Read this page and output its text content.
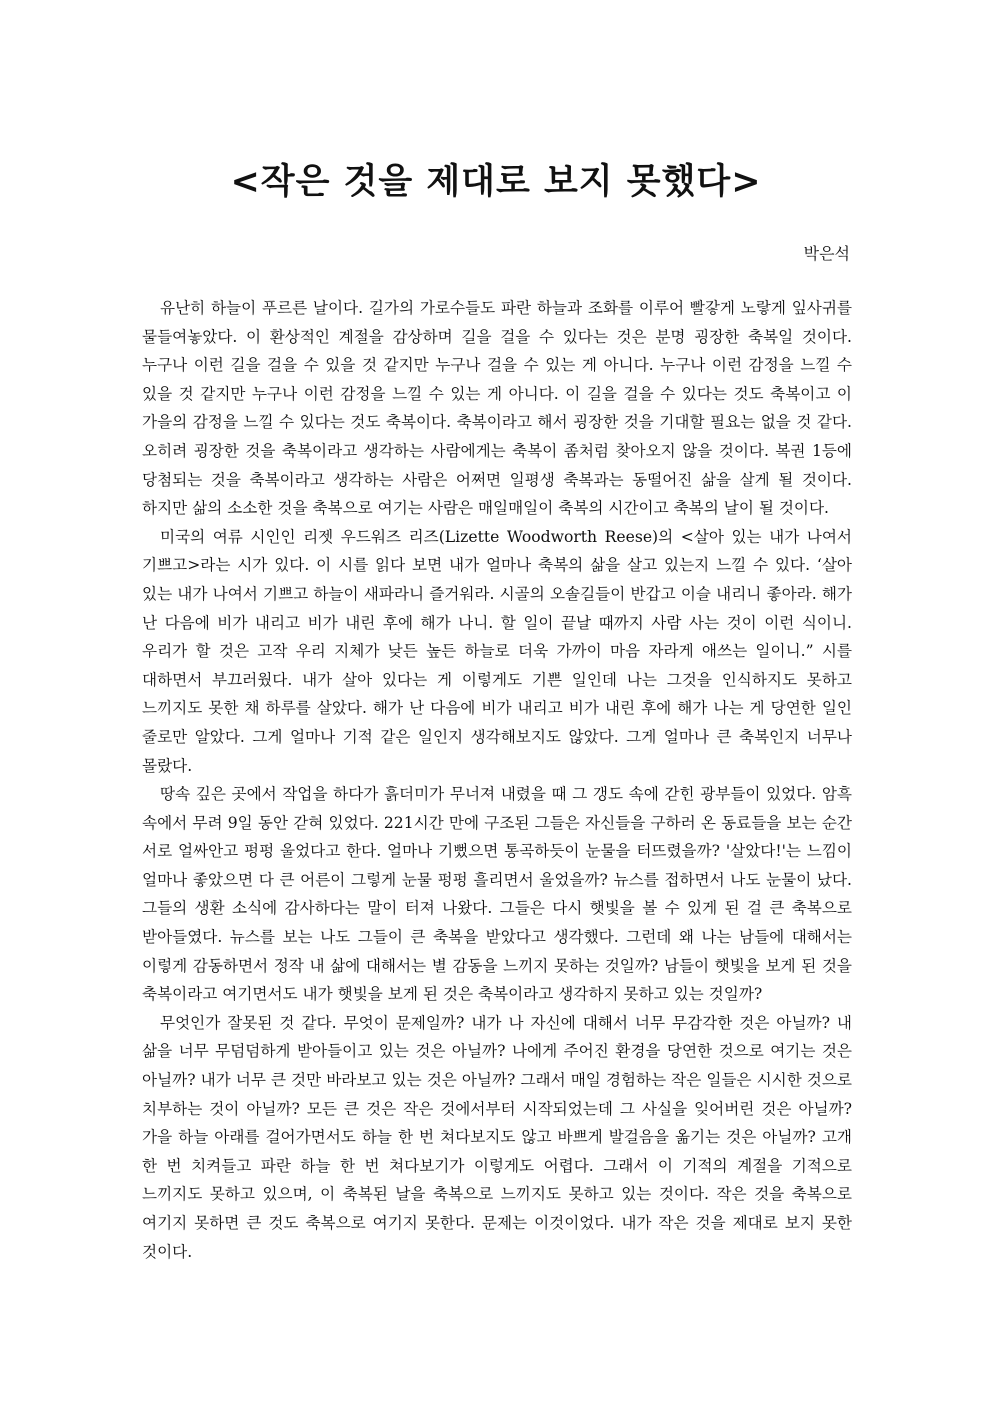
<작은 것을 제대로 보지 못했다>
박은석

유난히 하늘이 푸르른 날이다. 길가의 가로수들도 파란 하늘과 조화를 이루어 빨갛게 노랗게 잎사귀를 물들여놓았다. 이 환상적인 계절을 감상하며 길을 걸을 수 있다는 것은 분명 굉장한 축복일 것이다. 누구나 이런 길을 걸을 수 있을 것 같지만 누구나 걸을 수 있는 게 아니다. 누구나 이런 감정을 느낄 수 있을 것 같지만 누구나 이런 감정을 느낄 수 있는 게 아니다. 이 길을 걸을 수 있다는 것도 축복이고 이 가을의 감정을 느낄 수 있다는 것도 축복이다. 축복이라고 해서 굉장한 것을 기대할 필요는 없을 것 같다. 오히려 굉장한 것을 축복이라고 생각하는 사람에게는 축복이 좀처럼 찾아오지 않을 것이다. 복권 1등에 당첨되는 것을 축복이라고 생각하는 사람은 어쩌면 일평생 축복과는 동떨어진 삶을 살게 될 것이다. 하지만 삶의 소소한 것을 축복으로 여기는 사람은 매일매일이 축복의 시간이고 축복의 날이 될 것이다.

미국의 여류 시인인 리젯 우드워즈 리즈(Lizette Woodworth Reese)의 <살아 있는 내가 나여서 기쁘고>라는 시가 있다. 이 시를 읽다 보면 내가 얼마나 축복의 삶을 살고 있는지 느낄 수 있다. ‘살아 있는 내가 나여서 기쁘고 하늘이 새파라니 즐거워라. 시골의 오솔길들이 반갑고 이슬 내리니 좋아라. 해가 난 다음에 비가 내리고 비가 내린 후에 해가 나니. 할 일이 끝날 때까지 사람 사는 것이 이런 식이니. 우리가 할 것은 고작 우리 지체가 낮든 높든 하늘로 더욱 가까이 마음 자라게 애쓰는 일이니.” 시를 대하면서 부끄러웠다. 내가 살아 있다는 게 이렇게도 기쁜 일인데 나는 그것을 인식하지도 못하고 느끼지도 못한 채 하루를 살았다. 해가 난 다음에 비가 내리고 비가 내린 후에 해가 나는 게 당연한 일인 줄로만 알았다. 그게 얼마나 기적 같은 일인지 생각해보지도 않았다. 그게 얼마나 큰 축복인지 너무나 몰랐다.

땅속 깊은 곳에서 작업을 하다가 흙더미가 무너져 내렸을 때 그 갱도 속에 갇힌 광부들이 있었다. 암흑 속에서 무려 9일 동안 갇혀 있었다. 221시간 만에 구조된 그들은 자신들을 구하러 온 동료들을 보는 순간 서로 얼싸안고 펑펑 울었다고 한다. 얼마나 기뻤으면 통곡하듯이 눈물을 터뜨렸을까? '살았다!'는 느낌이 얼마나 좋았으면 다 큰 어른이 그렇게 눈물 펑펑 흘리면서 울었을까? 뉴스를 접하면서 나도 눈물이 났다. 그들의 생환 소식에 감사하다는 말이 터져 나왔다. 그들은 다시 햇빛을 볼 수 있게 된 걸 큰 축복으로 받아들였다. 뉴스를 보는 나도 그들이 큰 축복을 받았다고 생각했다. 그런데 왜 나는 남들에 대해서는 이렇게 감동하면서 정작 내 삶에 대해서는 별 감동을 느끼지 못하는 것일까? 남들이 햇빛을 보게 된 것을 축복이라고 여기면서도 내가 햇빛을 보게 된 것은 축복이라고 생각하지 못하고 있는 것일까?

무엇인가 잘못된 것 같다. 무엇이 문제일까? 내가 나 자신에 대해서 너무 무감각한 것은 아닐까? 내 삶을 너무 무덤덤하게 받아들이고 있는 것은 아닐까? 나에게 주어진 환경을 당연한 것으로 여기는 것은 아닐까? 내가 너무 큰 것만 바라보고 있는 것은 아닐까? 그래서 매일 경험하는 작은 일들은 시시한 것으로 치부하는 것이 아닐까? 모든 큰 것은 작은 것에서부터 시작되었는데 그 사실을 잊어버린 것은 아닐까? 가을 하늘 아래를 걸어가면서도 하늘 한 번 쳐다보지도 않고 바쁘게 발걸음을 옮기는 것은 아닐까? 고개 한 번 치켜들고 파란 하늘 한 번 쳐다보기가 이렇게도 어렵다. 그래서 이 기적의 계절을 기적으로 느끼지도 못하고 있으며, 이 축복된 날을 축복으로 느끼지도 못하고 있는 것이다. 작은 것을 축복으로 여기지 못하면 큰 것도 축복으로 여기지 못한다. 문제는 이것이었다. 내가 작은 것을 제대로 보지 못한 것이다.
